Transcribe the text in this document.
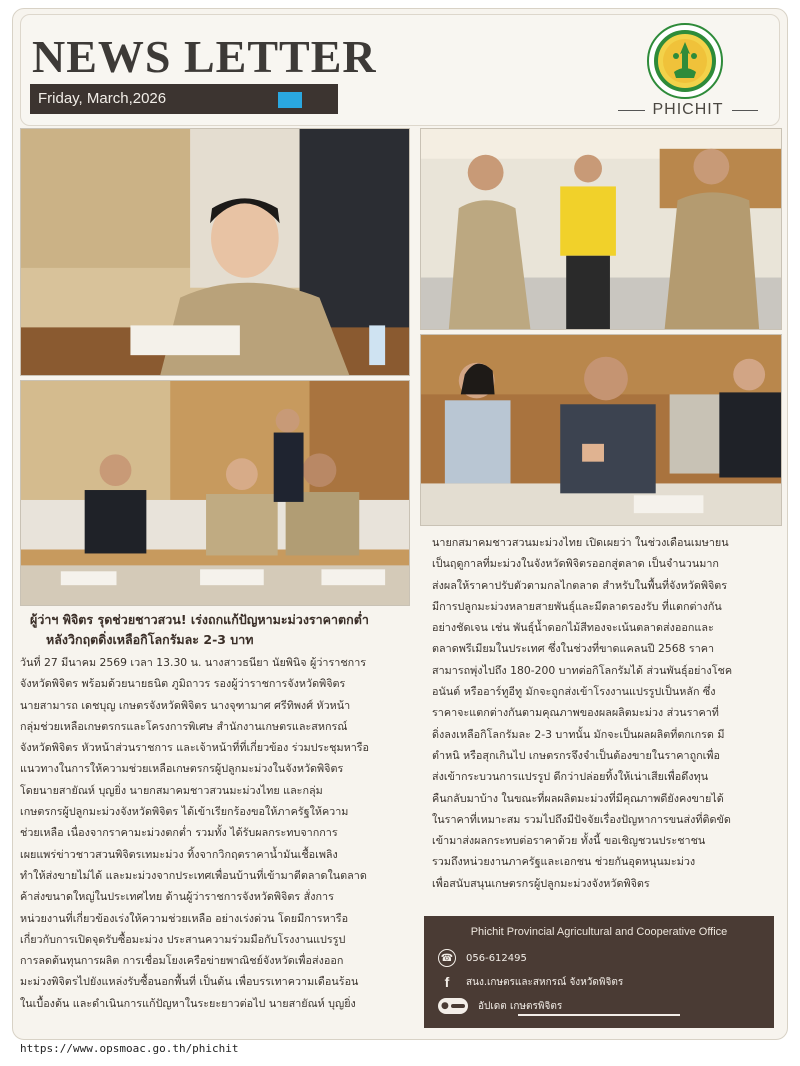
NEWS LETTER
Friday, March,2026
PHICHIT
ผู้ว่าฯ พิจิตร รุดช่วยชาวสวน! เร่งถกแก้ปัญหามะม่วงราคาตกต่ำ
หลังวิกฤตดิ่งเหลือกิโลกรัมละ 2-3 บาท
วันที่ 27 มีนาคม 2569 เวลา 13.30 น. นางสาวธนียา นัยพินิจ ผู้ว่าราชการ
จังหวัดพิจิตร พร้อมด้วยนายธนิต ภูมิถาวร รองผู้ว่าราชการจังหวัดพิจิตร
นายสามารถ เดชบุญ เกษตรจังหวัดพิจิตร นางจุฑามาศ ศรีทิพงศ์ หัวหน้า
กลุ่มช่วยเหลือเกษตรกรและโครงการพิเศษ สำนักงานเกษตรและสหกรณ์
จังหวัดพิจิตร หัวหน้าส่วนราชการ และเจ้าหน้าที่ที่เกี่ยวข้อง ร่วมประชุมหารือ
แนวทางในการให้ความช่วยเหลือเกษตรกรผู้ปลูกมะม่วงในจังหวัดพิจิตร
โดยนายสายัณห์ บุญยิ่ง นายกสมาคมชาวสวนมะม่วงไทย และกลุ่ม
เกษตรกรผู้ปลูกมะม่วงจังหวัดพิจิตร ได้เข้าเรียกร้องขอให้ภาครัฐให้ความ
ช่วยเหลือ เนื่องจากราคามะม่วงตกต่ำ รวมทั้ง ได้รับผลกระทบจากการ
เผยแพร่ข่าวชาวสวนพิจิตรเทมะม่วง ทิ้งจากวิกฤตราคาน้ำมันเชื้อเพลิง
ทำให้ส่งขายไม่ได้ และมะม่วงจากประเทศเพื่อนบ้านที่เข้ามาตีตลาดในตลาด
ค้าส่งขนาดใหญ่ในประเทศไทย ด้านผู้ว่าราชการจังหวัดพิจิตร สั่งการ
หน่วยงานที่เกี่ยวข้องเร่งให้ความช่วยเหลือ อย่างเร่งด่วน โดยมีการหารือ
เกี่ยวกับการเปิดจุดรับซื้อมะม่วง ประสานความร่วมมือกับโรงงานแปรรูป
การลดต้นทุนการผลิต การเชื่อมโยงเครือข่ายพาณิชย์จังหวัดเพื่อส่งออก
มะม่วงพิจิตรไปยังแหล่งรับซื้อนอกพื้นที่ เป็นต้น เพื่อบรรเทาความเดือนร้อน
ในเบื้องต้น และดำเนินการแก้ปัญหาในระยะยาวต่อไป นายสายัณห์ บุญยิ่ง
นายกสมาคมชาวสวนมะม่วงไทย เปิดเผยว่า ในช่วงเดือนเมษายน
เป็นฤดูกาลที่มะม่วงในจังหวัดพิจิตรออกสู่ตลาด เป็นจำนวนมาก
ส่งผลให้ราคาปรับตัวตามกลไกตลาด สำหรับในพื้นที่จังหวัดพิจิตร
มีการปลูกมะม่วงหลายสายพันธุ์และมีตลาดรองรับ ที่แตกต่างกัน
อย่างชัดเจน เช่น พันธุ์น้ำดอกไม้สีทองจะเน้นตลาดส่งออกและ
ตลาดพรีเมียมในประเทศ ซึ่งในช่วงที่ขาดแคลนปี 2568 ราคา
สามารถพุ่งไปถึง 180-200 บาทต่อกิโลกรัมได้ ส่วนพันธุ์อย่างโชค
อนันต์ หรืออาร์ทูอีทู มักจะถูกส่งเข้าโรงงานแปรรูปเป็นหลัก ซึ่ง
ราคาจะแตกต่างกันตามคุณภาพของผลผลิตมะม่วง ส่วนราคาที่
ดิ่งลงเหลือกิโลกรัมละ 2-3 บาทนั้น มักจะเป็นผลผลิตที่ตกเกรด มี
ตำหนิ หรือสุกเกินไป เกษตรกรจึงจำเป็นต้องขายในราคาถูกเพื่อ
ส่งเข้ากระบวนการแปรรูป ดีกว่าปล่อยทิ้งให้เน่าเสียเพื่อดึงทุน
คืนกลับมาบ้าง ในขณะที่ผลผลิตมะม่วงที่มีคุณภาพดียังคงขายได้
ในราคาที่เหมาะสม รวมไปถึงมีปัจจัยเรื่องปัญหาการขนส่งที่ติดขัด
เข้ามาส่งผลกระทบต่อราคาด้วย ทั้งนี้ ขอเชิญชวนประชาชน
รวมถึงหน่วยงานภาครัฐและเอกชน ช่วยกันอุดหนุนมะม่วง
เพื่อสนับสนุนเกษตรกรผู้ปลูกมะม่วงจังหวัดพิจิตร
Phichit Provincial Agricultural and Cooperative Office
☎ 056-612495
f	สนง.เกษตรและสหกรณ์ จังหวัดพิจิตร
●	อัปเดต เกษตรพิจิตร
https://www.opsmoac.go.th/phichit
